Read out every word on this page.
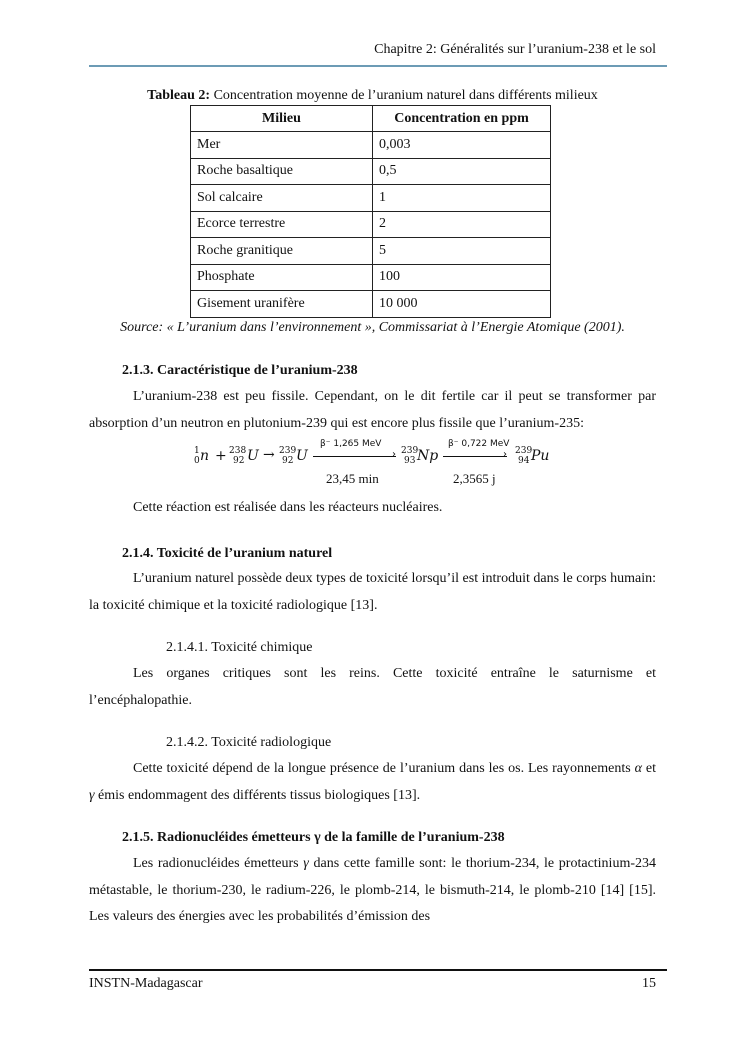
Chapitre 2: Généralités sur l’uranium-238 et le sol
Tableau 2: Concentration moyenne de l’uranium naturel dans différents milieux
Milieu	Concentration en ppm
Mer	0,003
Roche basaltique	0,5
Sol calcaire	1
Ecorce terrestre	2
Roche granitique	5
Phosphate	100
Gisement uranifère	10 000
Source: « L’uranium dans l’environnement », Commissariat à l’Energie Atomique (2001).
2.1.3. Caractéristique de l’uranium-238
L’uranium-238 est peu fissile. Cependant, on le dit fertile car il peut se transformer par absorption d’un neutron en plutonium-239 qui est encore plus fissile que l’uranium-235:
1
0 n + 238
92 U → 239
92 U
β⁻ 1,265 MeV
›
23,45 min
239
93 Np
β⁻ 0,722 MeV
›
2,3565 j
239
94 Pu
Cette réaction est réalisée dans les réacteurs nucléaires.
2.1.4. Toxicité de l’uranium naturel
L’uranium naturel possède deux types de toxicité lorsqu’il est introduit dans le corps humain: la toxicité chimique et la toxicité radiologique [13].
2.1.4.1. Toxicité chimique
Les organes critiques sont les reins. Cette toxicité entraîne le saturnisme et l’encéphalopathie.
2.1.4.2. Toxicité radiologique
Cette toxicité dépend de la longue présence de l’uranium dans les os. Les rayonnements α et γ émis endommagent des différents tissus biologiques [13].
2.1.5. Radionucléides émetteurs γ de la famille de l’uranium-238
Les radionucléides émetteurs γ dans cette famille sont: le thorium-234, le protactinium-234 métastable, le thorium-230, le radium-226, le plomb-214, le bismuth-214, le plomb-210 [14] [15]. Les valeurs des énergies avec les probabilités d’émission des
INSTN-Madagascar	15
